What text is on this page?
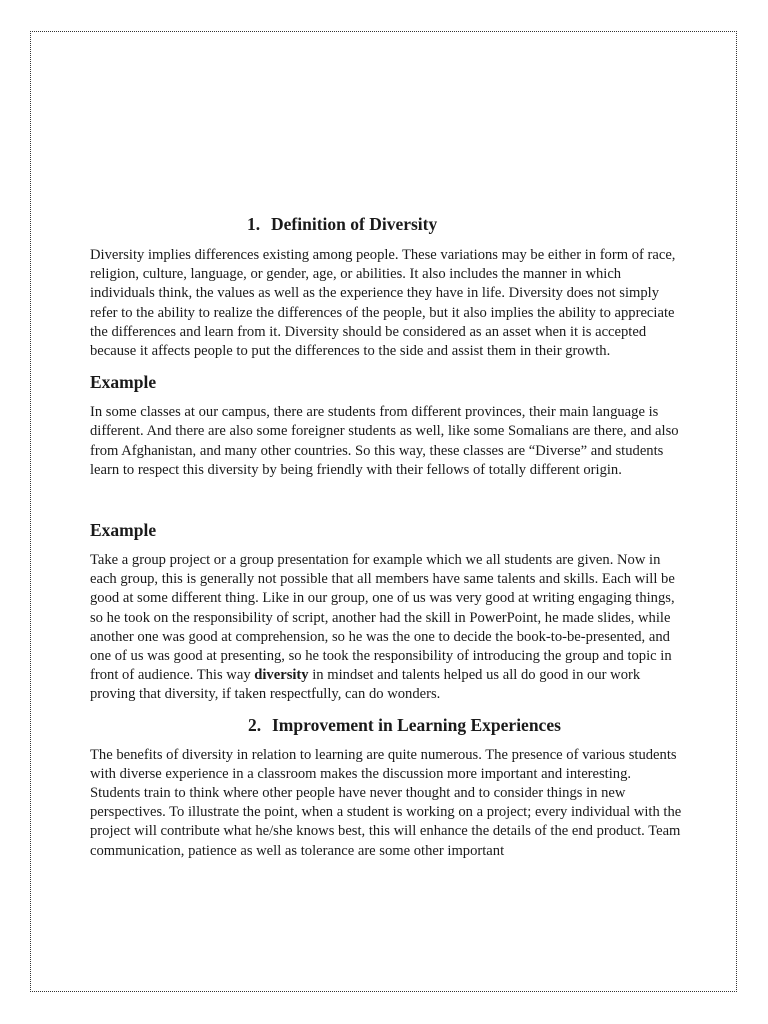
1. Definition of Diversity

Diversity implies differences existing among people. These variations may be either in form of race, religion, culture, language, or gender, age, or abilities. It also includes the manner in which individuals think, the values as well as the experience they have in life. Diversity does not simply refer to the ability to realize the differences of the people, but it also implies the ability to appreciate the differences and learn from it. Diversity should be considered as an asset when it is accepted because it affects people to put the differences to the side and assist them in their growth.

Example

In some classes at our campus, there are students from different provinces, their main language is different. And there are also some foreigner students as well, like some Somalians are there, and also from Afghanistan, and many other countries. So this way, these classes are “Diverse” and students learn to respect this diversity by being friendly with their fellows of totally different origin.

Example

Take a group project or a group presentation for example which we all students are given. Now in each group, this is generally not possible that all members have same talents and skills. Each will be good at some different thing. Like in our group, one of us was very good at writing engaging things, so he took on the responsibility of script, another had the skill in PowerPoint, he made slides, while another one was good at comprehension, so he was the one to decide the book-to-be-presented, and one of us was good at presenting, so he took the responsibility of introducing the group and topic in front of audience. This way diversity in mindset and talents helped us all do good in our work proving that diversity, if taken respectfully, can do wonders.

2. Improvement in Learning Experiences

The benefits of diversity in relation to learning are quite numerous. The presence of various students with diverse experience in a classroom makes the discussion more important and interesting. Students train to think where other people have never thought and to consider things in new perspectives. To illustrate the point, when a student is working on a project; every individual with the project will contribute what he/she knows best, this will enhance the details of the end product. Team communication, patience as well as tolerance are some other important
